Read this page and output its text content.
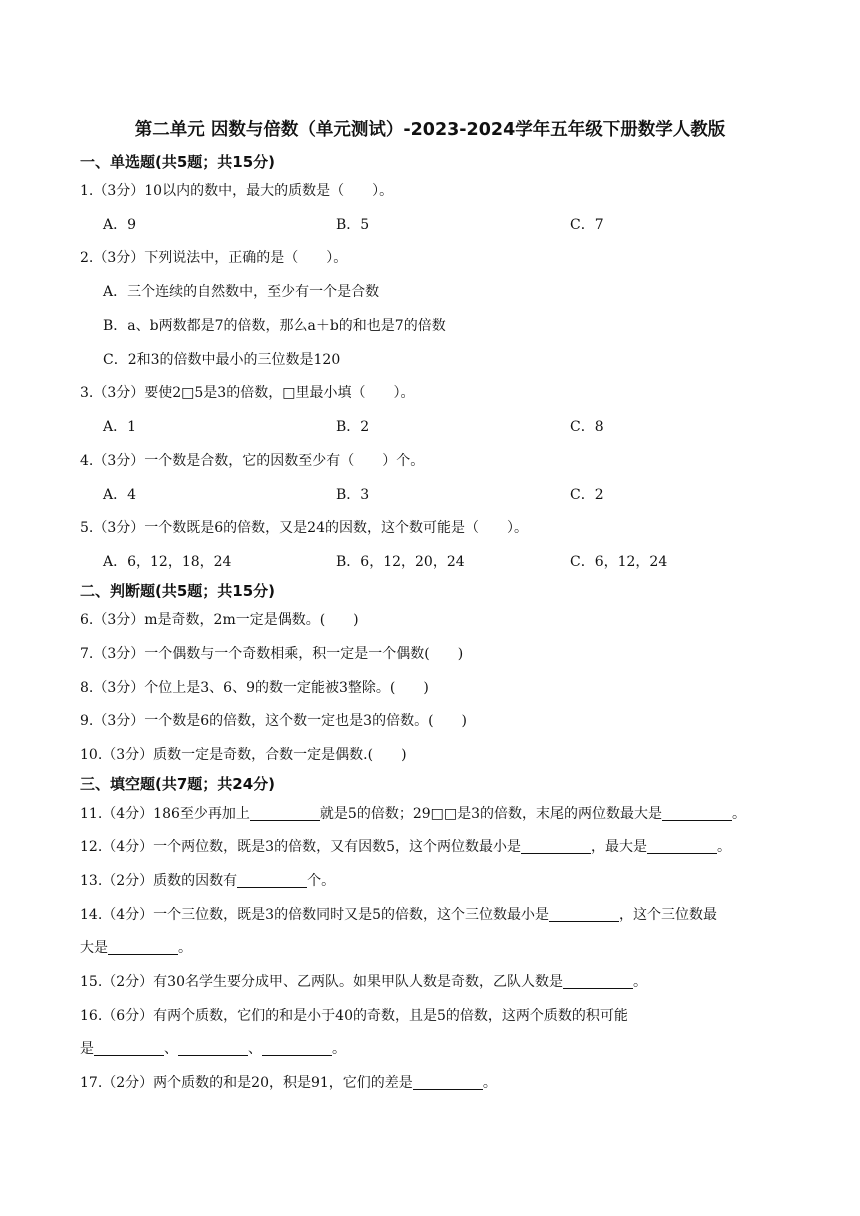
第二单元 因数与倍数（单元测试）-2023-2024学年五年级下册数学人教版
一、单选题(共5题；共15分)
1.（3分）10以内的数中，最大的质数是（　　）。
A．9	B．5	C．7
2.（3分）下列说法中，正确的是（　　）。
A．三个连续的自然数中，至少有一个是合数
B．a、b两数都是7的倍数，那么a＋b的和也是7的倍数
C．2和3的倍数中最小的三位数是120
3.（3分）要使2□5是3的倍数，□里最小填（　　）。
A．1	B．2	C．8
4.（3分）一个数是合数，它的因数至少有（　　）个。
A．4	B．3	C．2
5.（3分）一个数既是6的倍数，又是24的因数，这个数可能是（　　）。
A．6，12，18，24	B．6，12，20，24	C．6，12，24
二、判断题(共5题；共15分)
6.（3分）m是奇数，2m一定是偶数。(　　)
7.（3分）一个偶数与一个奇数相乘，积一定是一个偶数(　　)
8.（3分）个位上是3、6、9的数一定能被3整除。(　　)
9.（3分）一个数是6的倍数，这个数一定也是3的倍数。(　　)
10.（3分）质数一定是奇数，合数一定是偶数.(　　)
三、填空题(共7题；共24分)
11.（4分）186至少再加上	就是5的倍数；29□□是3的倍数，末尾的两位数最大是	。
12.（4分）一个两位数，既是3的倍数，又有因数5，这个两位数最小是	，最大是	。
13.（2分）质数的因数有	个。
14.（4分）一个三位数，既是3的倍数同时又是5的倍数，这个三位数最小是	，这个三位数最
大是	。
15.（2分）有30名学生要分成甲、乙两队。如果甲队人数是奇数，乙队人数是	。
16.（6分）有两个质数，它们的和是小于40的奇数，且是5的倍数，这两个质数的积可能
是	、	、	。
17.（2分）两个质数的和是20，积是91，它们的差是	。
